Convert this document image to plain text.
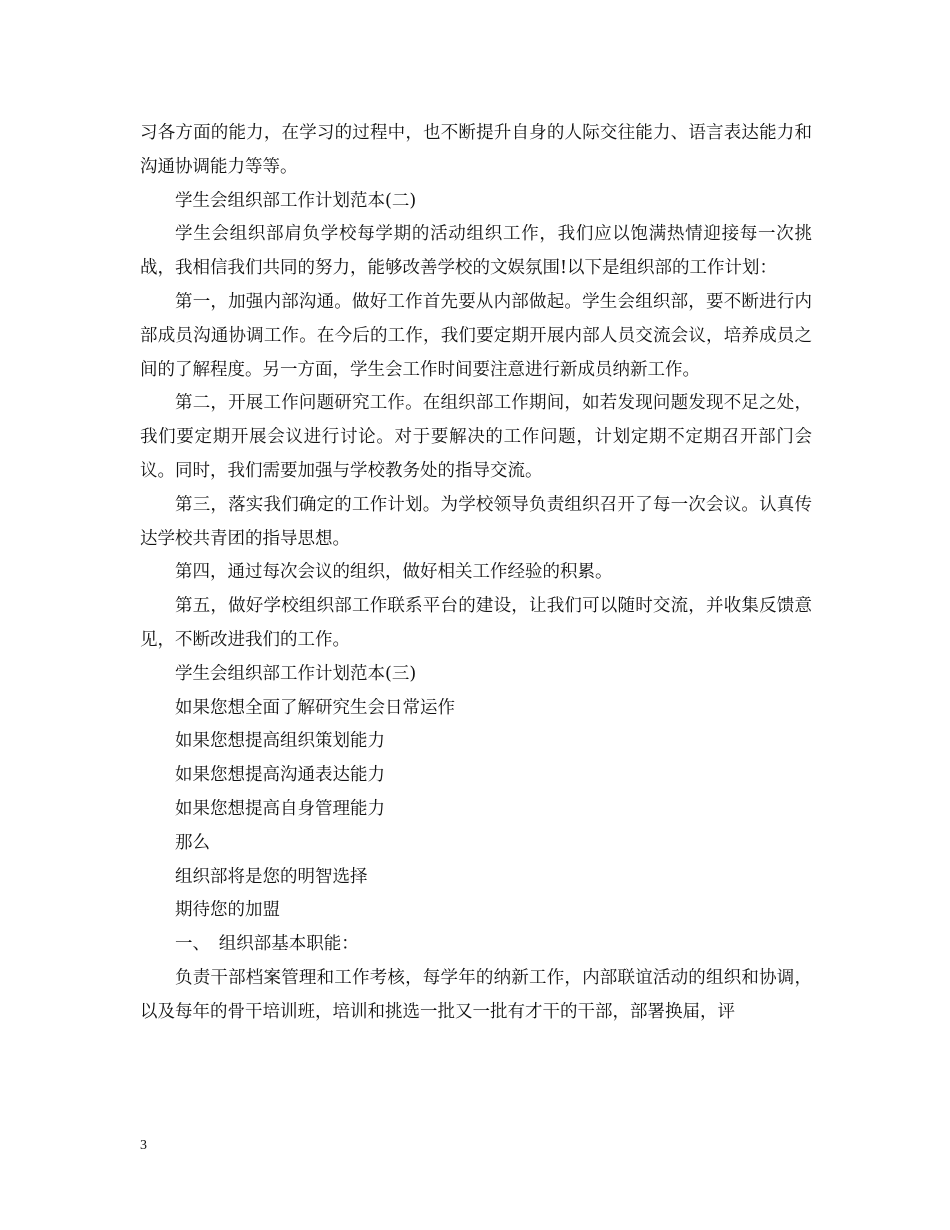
习各方面的能力，在学习的过程中，也不断提升自身的人际交往能力、语言表达能力和沟通协调能力等等。

学生会组织部工作计划范本(二)

学生会组织部肩负学校每学期的活动组织工作，我们应以饱满热情迎接每一次挑战，我相信我们共同的努力，能够改善学校的文娱氛围!以下是组织部的工作计划：

第一，加强内部沟通。做好工作首先要从内部做起。学生会组织部，要不断进行内部成员沟通协调工作。在今后的工作，我们要定期开展内部人员交流会议，培养成员之间的了解程度。另一方面，学生会工作时间要注意进行新成员纳新工作。

第二，开展工作问题研究工作。在组织部工作期间，如若发现问题发现不足之处，我们要定期开展会议进行讨论。对于要解决的工作问题，计划定期不定期召开部门会议。同时，我们需要加强与学校教务处的指导交流。

第三，落实我们确定的工作计划。为学校领导负责组织召开了每一次会议。认真传达学校共青团的指导思想。

第四，通过每次会议的组织，做好相关工作经验的积累。

第五，做好学校组织部工作联系平台的建设，让我们可以随时交流，并收集反馈意见，不断改进我们的工作。

学生会组织部工作计划范本(三)

如果您想全面了解研究生会日常运作

如果您想提高组织策划能力

如果您想提高沟通表达能力

如果您想提高自身管理能力

那么

组织部将是您的明智选择

期待您的加盟

一、　组织部基本职能：

负责干部档案管理和工作考核，每学年的纳新工作，内部联谊活动的组织和协调，以及每年的骨干培训班，培训和挑选一批又一批有才干的干部，部署换届，评

3
